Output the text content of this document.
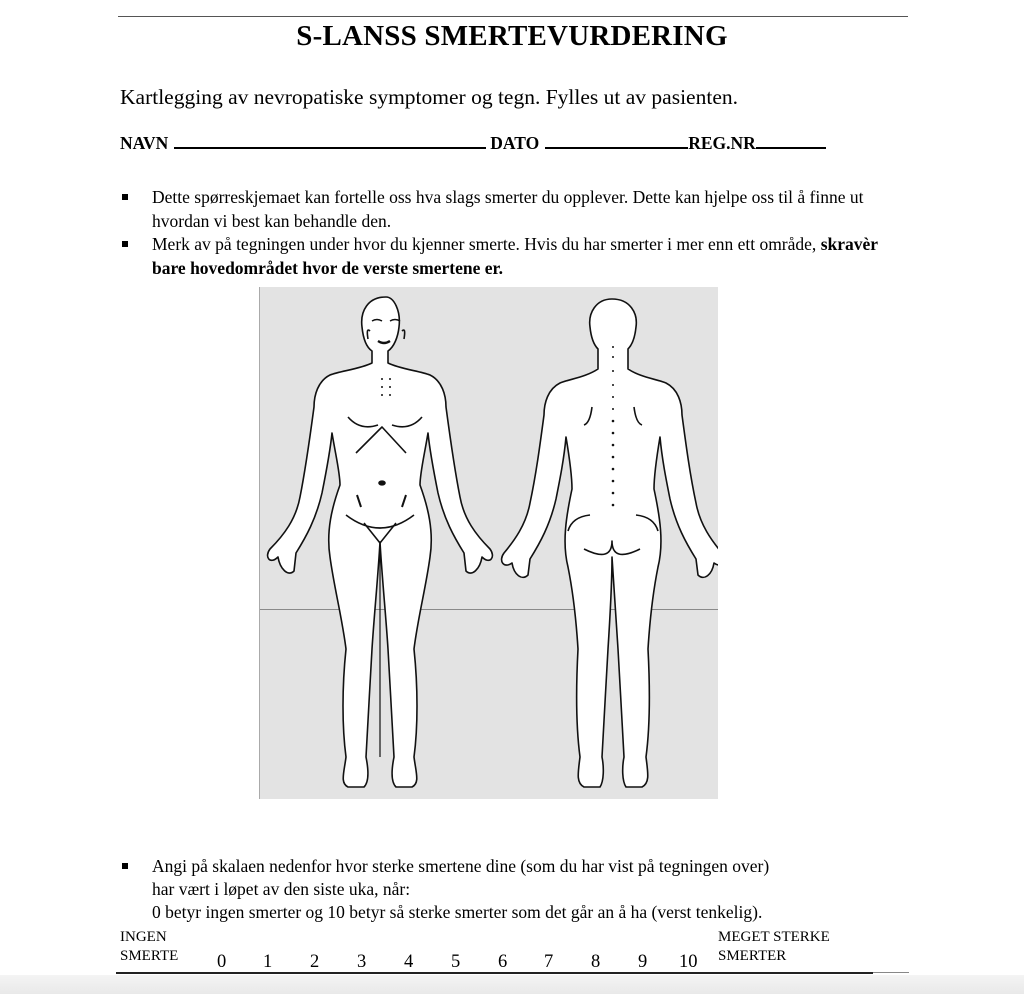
S-LANSS SMERTEVURDERING
Kartlegging av nevropatiske symptomer og tegn. Fylles ut av pasienten.
NAVN	DATO	REG.NR
Dette spørreskjemaet kan fortelle oss hva slags smerter du opplever. Dette kan hjelpe oss til å finne ut hvordan vi best kan behandle den.
Merk av på tegningen under hvor du kjenner smerte. Hvis du har smerter i mer enn ett område, skravèr bare hovedområdet hvor de verste smertene er.
Angi på skalaen nedenfor hvor sterke smertene dine (som du har vist på tegningen over)
har vært i løpet av den siste uka, når:
0 betyr ingen smerter og 10 betyr så sterke smerter som det går an å ha (verst tenkelig).
INGEN
SMERTE 0 1 2 3 4 5 6 7 8 9 10
MEGET STERKE
SMERTER
